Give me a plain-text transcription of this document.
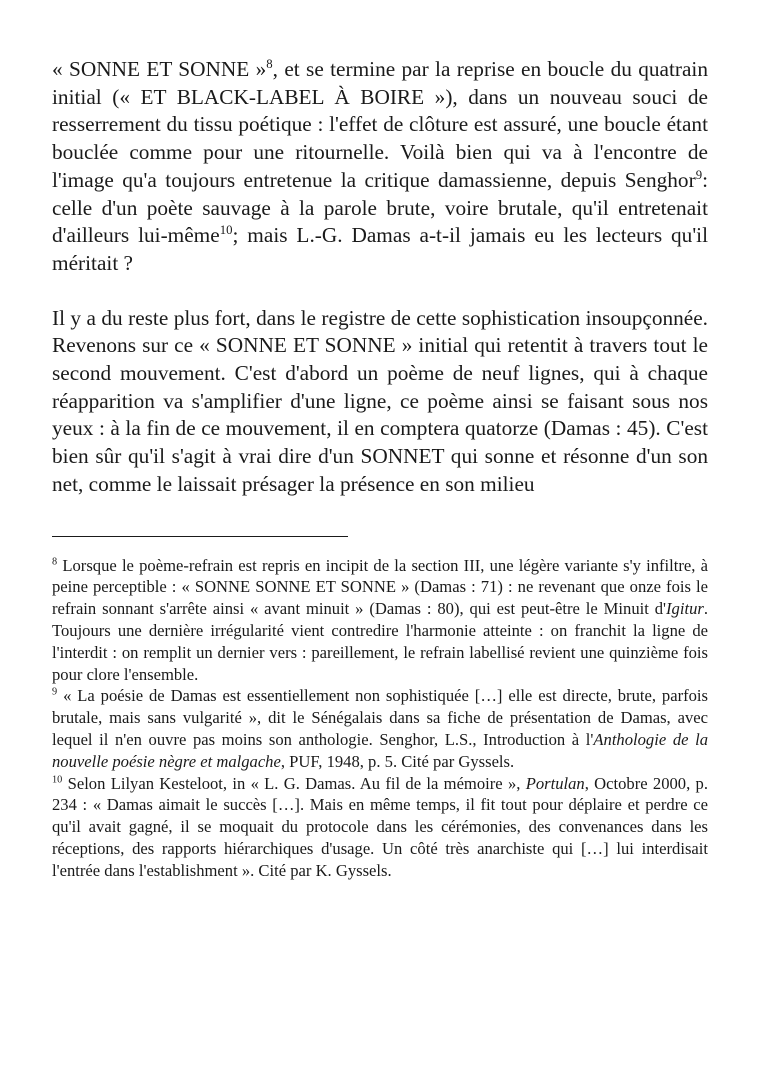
« SONNE ET SONNE »$^8$, et se termine par la reprise en boucle du quatrain initial (« ET BLACK-LABEL À BOIRE »), dans un nouveau souci de resserrement du tissu poétique : l'effet de clôture est assuré, une boucle étant bouclée comme pour une ritournelle. Voilà bien qui va à l'encontre de l'image qu'a toujours entretenue la critique damassienne, depuis Senghor$^9$: celle d'un poète sauvage à la parole brute, voire brutale, qu'il entretenait d'ailleurs lui-même$^{10}$; mais L.-G. Damas a-t-il jamais eu les lecteurs qu'il méritait ?

Il y a du reste plus fort, dans le registre de cette sophistication insoupçonnée. Revenons sur ce « SONNE ET SONNE » initial qui retentit à travers tout le second mouvement. C'est d'abord un poème de neuf lignes, qui à chaque réapparition va s'amplifier d'une ligne, ce poème ainsi se faisant sous nos yeux : à la fin de ce mouvement, il en comptera quatorze (Damas : 45). C'est bien sûr qu'il s'agit à vrai dire d'un SONNET qui sonne et résonne d'un son net, comme le laissait présager la présence en son milieu

$^8$ Lorsque le poème-refrain est repris en incipit de la section III, une légère variante s'y infiltre, à peine perceptible : « SONNE SONNE ET SONNE » (Damas : 71) : ne revenant que onze fois le refrain sonnant s'arrête ainsi « avant minuit » (Damas : 80), qui est peut-être le Minuit d'Igitur. Toujours une dernière irrégularité vient contredire l'harmonie atteinte : on franchit la ligne de l'interdit : on remplit un dernier vers : pareillement, le refrain labellisé revient une quinzième fois pour clore l'ensemble.

$^9$ « La poésie de Damas est essentiellement non sophistiquée […] elle est directe, brute, parfois brutale, mais sans vulgarité », dit le Sénégalais dans sa fiche de présentation de Damas, avec lequel il n'en ouvre pas moins son anthologie. Senghor, L.S., Introduction à l'Anthologie de la nouvelle poésie nègre et malgache, PUF, 1948, p. 5. Cité par Gyssels.

$^{10}$ Selon Lilyan Kesteloot, in « L. G. Damas. Au fil de la mémoire », Portulan, Octobre 2000, p. 234 : « Damas aimait le succès […]. Mais en même temps, il fit tout pour déplaire et perdre ce qu'il avait gagné, il se moquait du protocole dans les cérémonies, des convenances dans les réceptions, des rapports hiérarchiques d'usage. Un côté très anarchiste qui […] lui interdisait l'entrée dans l'establishment ». Cité par K. Gyssels.
